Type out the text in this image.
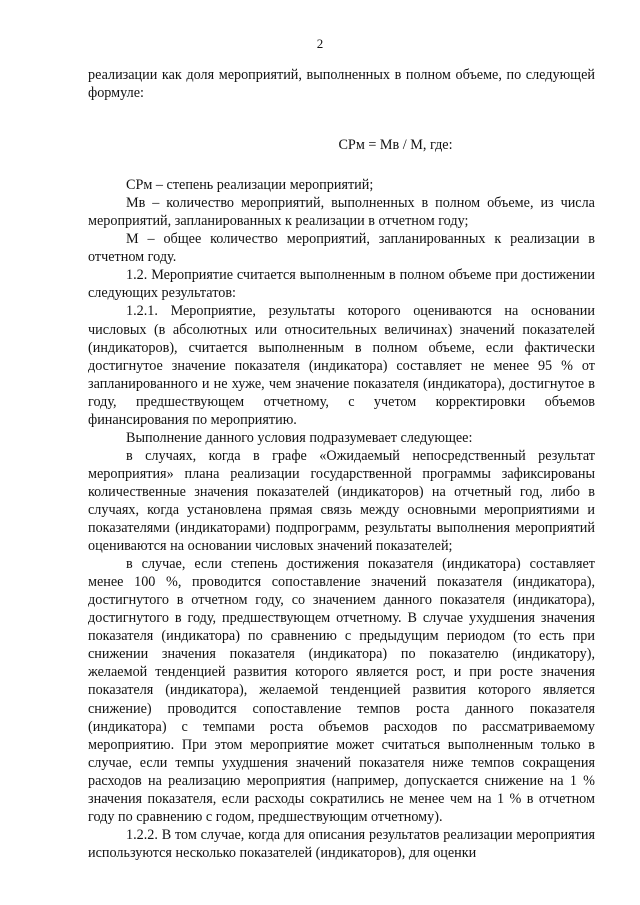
2

реализации как доля мероприятий, выполненных в полном объеме, по следующей формуле:

СРм = Мв / М, где:

СРм – степень реализации мероприятий;

Мв – количество мероприятий, выполненных в полном объеме, из числа мероприятий, запланированных к реализации в отчетном году;

М – общее количество мероприятий, запланированных к реализации в отчетном году.

1.2. Мероприятие считается выполненным в полном объеме при достижении следующих результатов:

1.2.1. Мероприятие, результаты которого оцениваются на основании числовых (в абсолютных или относительных величинах) значений показателей (индикаторов), считается выполненным в полном объеме, если фактически достигнутое значение показателя (индикатора) составляет не менее 95 % от запланированного и не хуже, чем значение показателя (индикатора), достигнутое в году, предшествующем отчетному, с учетом корректировки объемов финансирования по мероприятию.

Выполнение данного условия подразумевает следующее:

в случаях, когда в графе «Ожидаемый непосредственный результат мероприятия» плана реализации государственной программы зафиксированы количественные значения показателей (индикаторов) на отчетный год, либо в случаях, когда установлена прямая связь между основными мероприятиями и показателями (индикаторами) подпрограмм, результаты выполнения мероприятий оцениваются на основании числовых значений показателей;

в случае, если степень достижения показателя (индикатора) составляет менее 100 %, проводится сопоставление значений показателя (индикатора), достигнутого в отчетном году, со значением данного показателя (индикатора), достигнутого в году, предшествующем отчетному. В случае ухудшения значения показателя (индикатора) по сравнению с предыдущим периодом (то есть при снижении значения показателя (индикатора) по показателю (индикатору), желаемой тенденцией развития которого является рост, и при росте значения показателя (индикатора), желаемой тенденцией развития которого является снижение) проводится сопоставление темпов роста данного показателя (индикатора) с темпами роста объемов расходов по рассматриваемому мероприятию. При этом мероприятие может считаться выполненным только в случае, если темпы ухудшения значений показателя ниже темпов сокращения расходов на реализацию мероприятия (например, допускается снижение на 1 % значения показателя, если расходы сократились не менее чем на 1 % в отчетном году по сравнению с годом, предшествующим отчетному).

1.2.2. В том случае, когда для описания результатов реализации мероприятия используются несколько показателей (индикаторов), для оценки
